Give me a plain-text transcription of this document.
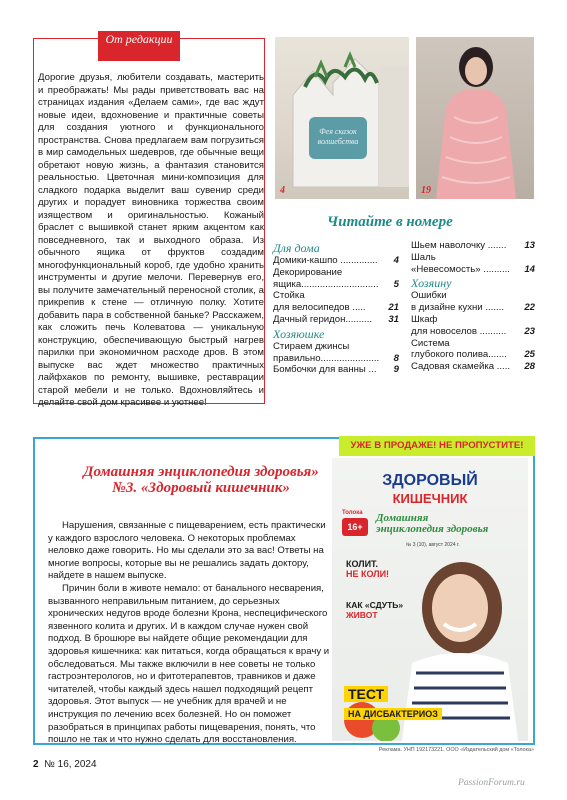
От редакции
Дорогие друзья, любители создавать, мастерить и преображать! Мы рады приветствовать вас на страницах издания «Делаем сами», где вас ждут новые идеи, вдохновение и практичные советы для создания уютного и функционального пространства. Снова предлагаем вам погрузиться в мир самодельных шедевров, где обычные вещи обретают новую жизнь, а фантазия становится реальностью. Цветочная мини-композиция для сладкого подарка выделит ваш сувенир среди других и порадует виновника торжества своим изяществом и оригинальностью. Кожаный браслет с вышивкой станет ярким акцентом как повседневного, так и выходного образа. Из обычного ящика от фруктов создадим многофункциональный короб, где удобно хранить инструменты и другие мелочи. Перевернув его, вы получите замечательный переносной столик, а прикрепив к стене — отличную полку. Хотите добавить пара в собственной баньке? Расскажем, как сложить печь Колеватова — уникальную конструкцию, обеспечивающую быстрый нагрев парилки при экономичном расходе дров. В этом выпуске вас ждет множество практичных лайфхаков по ремонту, вышивке, реставрации старой мебели и не только. Вдохновляйтесь и делайте свой дом красивее и уютнее!
Фея сказок волшебства
4	19
Читайте в номере
Для дома
Домики-кашпо .............. 4
Декорирование
ящика............................. 5
Стойка
для велосипедов ..... 21
Дачный геридон.......... 31
Хозяюшке
Стираем джинсы
правильно...................... 8
Бомбочки для ванны ... 9
Шьем наволочку ....... 13
Шаль
«Невесомость» .......... 14
Хозяину
Ошибки
в дизайне кухни ....... 22
Шкаф
для новоселов .......... 23
Система
глубокого полива....... 25
Садовая скамейка ..... 28
УЖЕ В ПРОДАЖЕ! НЕ ПРОПУСТИТЕ!
Домашняя энциклопедия здоровья» №3. «Здоровый кишечник»

Нарушения, связанные с пищеварением, есть практически у каждого взрослого человека. О некоторых проблемах неловко даже говорить. Но мы сделали это за вас! Ответы на многие вопросы, которые вы не решались задать доктору, найдете в нашем выпуске.

Причин боли в животе немало: от банального несварения, вызванного неправильным питанием, до серьезных хронических недугов вроде болезни Крона, неспецифического язвенного колита и других. И в каждом случае нужен свой подход. В брошюре вы найдете общие рекомендации для здоровья кишечника: как питаться, когда обращаться к врачу и обследоваться. Мы также включили в нее советы не только гастроэнтерологов, но и фитотерапевтов, травников и даже читателей, чтобы каждый здесь нашел подходящий рецепт здоровья. Этот выпуск — не учебник для врачей и не инструкция по лечению всех болезней. Но он поможет разобраться в принципах работы пищеварения, понять, что пошло не так и что нужно сделать для восстановления.

ЗДОРОВЫЙ
КИШЕЧНИК
Толока
16+
Домашняя энциклопедия здоровья
№ 3 (10), август 2024 г.
КОЛИТ.
НЕ КОЛИ!
КАК «СДУТЬ»
ЖИВОТ
ТЕСТ
НА ДИСБАКТЕРИОЗ
Реклама. УНП 192173221. ООО «Издательский дом «Толока»
2 № 16, 2024
PassionForum.ru
